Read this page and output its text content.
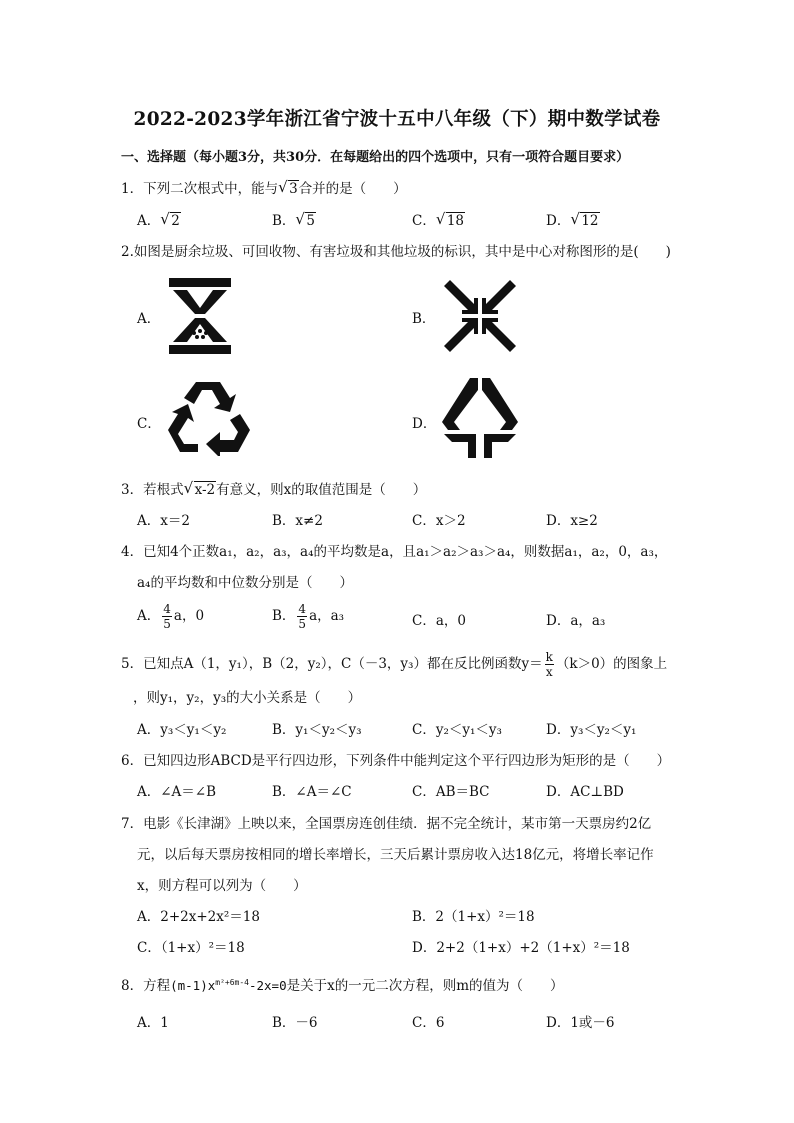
2022-2023学年浙江省宁波十五中八年级（下）期中数学试卷
一、选择题（每小题3分，共30分．在每题给出的四个选项中，只有一项符合题目要求）
1．下列二次根式中，能与 √ 3合并的是（　　）
A． √ 2	B． √ 5	C． √ 18	D． √ 12
2.如图是厨余垃圾、可回收物、有害垃圾和其他垃圾的标识，其中是中心对称图形的是(　　)
A．	B．
C．	D．
3．若根式 √ x-2有意义，则x的取值范围是（　　）
A．x＝2	B．x≠2	C．x＞2	D．x≥2
4．已知4个正数a₁，a₂，a₃，a₄的平均数是a，且a₁＞a₂＞a₃＞a₄，则数据a₁，a₂，0，a₃，
a₄的平均数和中位数分别是（　　）
A． $\frac{4}{5}$ a，0	B． $\frac{4}{5}$ a，a₃	C．a，0	D．a，a₃
5．已知点A（1，y₁），B（2，y₂），C（－3，y₃）都在反比例函数$y= \frac{k}{x} (k>0)$的图象上
，则y₁，y₂，y₃的大小关系是（　　）
A．y₃＜y₁＜y₂	B．y₁＜y₂＜y₃	C．y₂＜y₁＜y₃	D．y₃＜y₂＜y₁
6．已知四边形ABCD是平行四边形，下列条件中能判定这个平行四边形为矩形的是（　　）
A．∠A＝∠B	B．∠A＝∠C	C．AB＝BC	D．AC⊥BD
7．电影《长津湖》上映以来，全国票房连创佳绩．据不完全统计，某市第一天票房约2亿
元，以后每天票房按相同的增长率增长，三天后累计票房收入达18亿元，将增长率记作
x，则方程可以列为（　　）
A．2+2x+2x²＝18	B．2（1+x）²＝18
C．（1+x）²＝18	D．2+2（1+x）+2（1+x）²＝18
8．方程$(m-1)x^{m^2+6m-4}-2x=0$是关于x的一元二次方程，则m的值为（　　）
A．1	B．－6	C．6	D．1或－6
